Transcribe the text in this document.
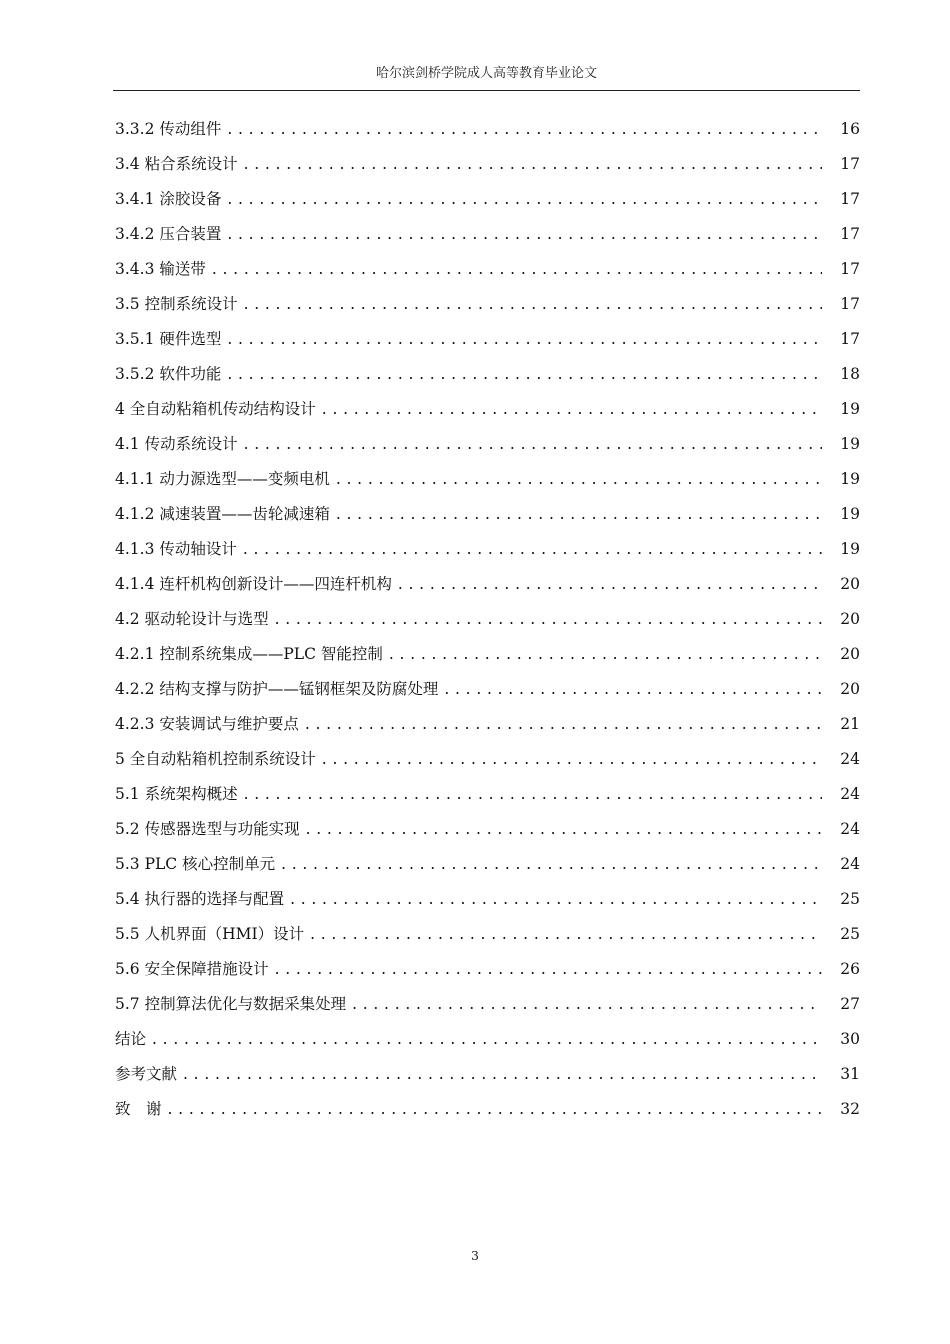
哈尔滨剑桥学院成人高等教育毕业论文
3.3.2 传动组件 . . .	16
3.4 粘合系统设计 . . .	17
3.4.1 涂胶设备 . . .	17
3.4.2 压合装置 . . .	17
3.4.3 输送带 . . .	17
3.5 控制系统设计 . . .	17
3.5.1 硬件选型 . . .	17
3.5.2 软件功能 . . .	18
4 全自动粘箱机传动结构设计 . . .	19
4.1 传动系统设计 . . .	19
4.1.1 动力源选型——变频电机 . . .	19
4.1.2 减速装置——齿轮减速箱 . . .	19
4.1.3 传动轴设计 . . .	19
4.1.4 连杆机构创新设计——四连杆机构 . . .	20
4.2 驱动轮设计与选型 . . .	20
4.2.1 控制系统集成——PLC 智能控制 . . .	20
4.2.2 结构支撑与防护——锰钢框架及防腐处理 . . .	20
4.2.3 安装调试与维护要点 . . .	21
5 全自动粘箱机控制系统设计 . . .	24
5.1 系统架构概述 . . .	24
5.2 传感器选型与功能实现 . . .	24
5.3 PLC 核心控制单元 . . .	24
5.4 执行器的选择与配置 . . .	25
5.5 人机界面（HMI）设计 . . .	25
5.6 安全保障措施设计 . . .	26
5.7 控制算法优化与数据采集处理 . . .	27
结论 . . .	30
参考文献 . . .	31
致　谢 . . .	32
3
